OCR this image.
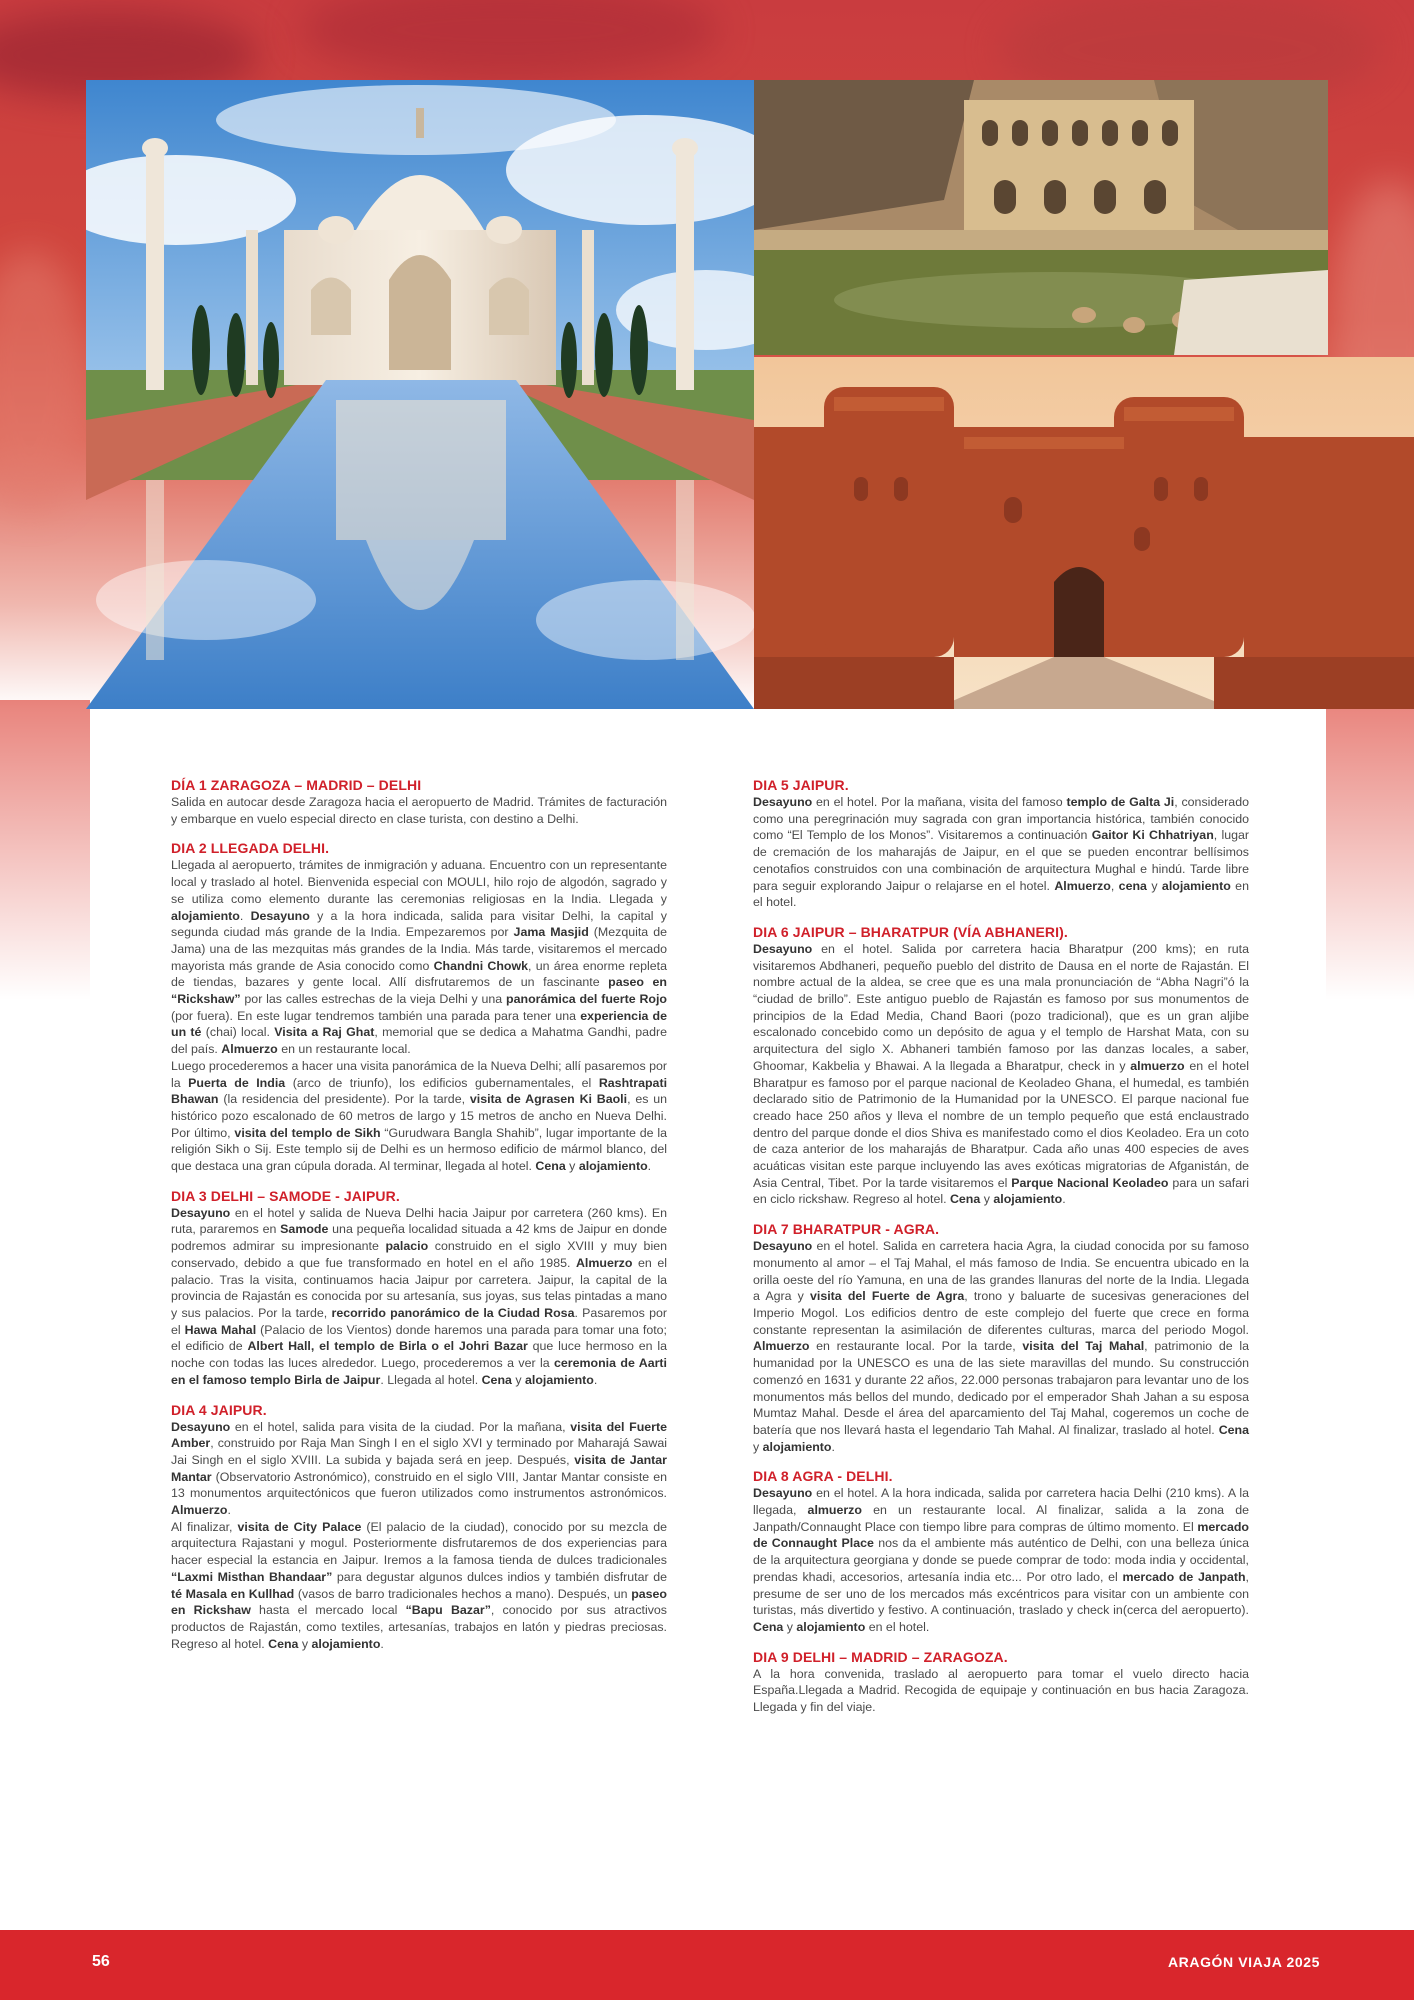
DÍA 1 ZARAGOZA – MADRID – DELHI

Salida en autocar desde Zaragoza hacia el aeropuerto de Madrid. Trámites de facturación y embarque en vuelo especial directo en clase turista, con destino a Delhi.

DIA 2 LLEGADA DELHI.

Llegada al aeropuerto, trámites de inmigración y aduana. Encuentro con un representante local y traslado al hotel. Bienvenida especial con MOULI, hilo rojo de algodón, sagrado y se utiliza como elemento durante las ceremonias religiosas en la India. Llegada y alojamiento. Desayuno y a la hora indicada, salida para visitar Delhi, la capital y segunda ciudad más grande de la India. Empezaremos por Jama Masjid (Mezquita de Jama) una de las mezquitas más grandes de la India. Más tarde, visitaremos el mercado mayorista más grande de Asia conocido como Chandni Chowk, un área enorme repleta de tiendas, bazares y gente local. Allí disfrutaremos de un fascinante paseo en “Rickshaw” por las calles estrechas de la vieja Delhi y una panorámica del fuerte Rojo (por fuera). En este lugar tendremos también una parada para tener una experiencia de un té (chai) local. Visita a Raj Ghat, memorial que se dedica a Mahatma Gandhi, padre del país. Almuerzo en un restaurante local.
Luego procederemos a hacer una visita panorámica de la Nueva Delhi; allí pasaremos por la Puerta de India (arco de triunfo), los edificios gubernamentales, el Rashtrapati Bhawan (la residencia del presidente). Por la tarde, visita de Agrasen Ki Baoli, es un histórico pozo escalonado de 60 metros de largo y 15 metros de ancho en Nueva Delhi. Por último, visita del templo de Sikh “Gurudwara Bangla Shahib”, lugar importante de la religión Sikh o Sij. Este templo sij de Delhi es un hermoso edificio de mármol blanco, del que destaca una gran cúpula dorada. Al terminar, llegada al hotel. Cena y alojamiento.

DIA 3 DELHI – SAMODE - JAIPUR.

Desayuno en el hotel y salida de Nueva Delhi hacia Jaipur por carretera (260 kms). En ruta, pararemos en Samode una pequeña localidad situada a 42 kms de Jaipur en donde podremos admirar su impresionante palacio construido en el siglo XVIII y muy bien conservado, debido a que fue transformado en hotel en el año 1985. Almuerzo en el palacio. Tras la visita, continuamos hacia Jaipur por carretera. Jaipur, la capital de la provincia de Rajastán es conocida por su artesanía, sus joyas, sus telas pintadas a mano y sus palacios. Por la tarde, recorrido panorámico de la Ciudad Rosa. Pasaremos por el Hawa Mahal (Palacio de los Vientos) donde haremos una parada para tomar una foto; el edificio de Albert Hall, el templo de Birla o el Johri Bazar que luce hermoso en la noche con todas las luces alrededor. Luego, procederemos a ver la ceremonia de Aarti en el famoso templo Birla de Jaipur. Llegada al hotel. Cena y alojamiento.

DIA 4 JAIPUR.

Desayuno en el hotel, salida para visita de la ciudad. Por la mañana, visita del Fuerte Amber, construido por Raja Man Singh I en el siglo XVI y terminado por Maharajá Sawai Jai Singh en el siglo XVIII. La subida y bajada será en jeep. Después, visita de Jantar Mantar (Observatorio Astronómico), construido en el siglo VIII, Jantar Mantar consiste en 13 monumentos arquitectónicos que fueron utilizados como instrumentos astronómicos. Almuerzo.
Al finalizar, visita de City Palace (El palacio de la ciudad), conocido por su mezcla de arquitectura Rajastani y mogul. Posteriormente disfrutaremos de dos experiencias para hacer especial la estancia en Jaipur. Iremos a la famosa tienda de dulces tradicionales “Laxmi Misthan Bhandaar” para degustar algunos dulces indios y también disfrutar de té Masala en Kullhad (vasos de barro tradicionales hechos a mano). Después, un paseo en Rickshaw hasta el mercado local “Bapu Bazar”, conocido por sus atractivos productos de Rajastán, como textiles, artesanías, trabajos en latón y piedras preciosas. Regreso al hotel. Cena y alojamiento.

DIA 5 JAIPUR.

Desayuno en el hotel. Por la mañana, visita del famoso templo de Galta Ji, considerado como una peregrinación muy sagrada con gran importancia histórica, también conocido como “El Templo de los Monos”. Visitaremos a continuación Gaitor Ki Chhatriyan, lugar de cremación de los maharajás de Jaipur, en el que se pueden encontrar bellísimos cenotafios construidos con una combinación de arquitectura Mughal e hindú. Tarde libre para seguir explorando Jaipur o relajarse en el hotel. Almuerzo, cena y alojamiento en el hotel.

DIA 6 JAIPUR – BHARATPUR (VÍA ABHANERI).

Desayuno en el hotel. Salida por carretera hacia Bharatpur (200 kms); en ruta visitaremos Abdhaneri, pequeño pueblo del distrito de Dausa en el norte de Rajastán. El nombre actual de la aldea, se cree que es una mala pronunciación de “Abha Nagri”ó la “ciudad de brillo”. Este antiguo pueblo de Rajastán es famoso por sus monumentos de principios de la Edad Media, Chand Baori (pozo tradicional), que es un gran aljibe escalonado concebido como un depósito de agua y el templo de Harshat Mata, con su arquitectura del siglo X. Abhaneri también famoso por las danzas locales, a saber, Ghoomar, Kakbelia y Bhawai. A la llegada a Bharatpur, check in y almuerzo en el hotel Bharatpur es famoso por el parque nacional de Keoladeo Ghana, el humedal, es también declarado sitio de Patrimonio de la Humanidad por la UNESCO. El parque nacional fue creado hace 250 años y lleva el nombre de un templo pequeño que está enclaustrado dentro del parque donde el dios Shiva es manifestado como el dios Keoladeo. Era un coto de caza anterior de los maharajás de Bharatpur. Cada año unas 400 especies de aves acuáticas visitan este parque incluyendo las aves exóticas migratorias de Afganistán, de Asia Central, Tibet. Por la tarde visitaremos el Parque Nacional Keoladeo para un safari en ciclo rickshaw. Regreso al hotel. Cena y alojamiento.

DIA 7 BHARATPUR - AGRA.

Desayuno en el hotel. Salida en carretera hacia Agra, la ciudad conocida por su famoso monumento al amor – el Taj Mahal, el más famoso de India. Se encuentra ubicado en la orilla oeste del río Yamuna, en una de las grandes llanuras del norte de la India. Llegada a Agra y visita del Fuerte de Agra, trono y baluarte de sucesivas generaciones del Imperio Mogol. Los edificios dentro de este complejo del fuerte que crece en forma constante representan la asimilación de diferentes culturas, marca del periodo Mogol. Almuerzo en restaurante local. Por la tarde, visita del Taj Mahal, patrimonio de la humanidad por la UNESCO es una de las siete maravillas del mundo. Su construcción comenzó en 1631 y durante 22 años, 22.000 personas trabajaron para levantar uno de los monumentos más bellos del mundo, dedicado por el emperador Shah Jahan a su esposa Mumtaz Mahal. Desde el área del aparcamiento del Taj Mahal, cogeremos un coche de batería que nos llevará hasta el legendario Tah Mahal. Al finalizar, traslado al hotel. Cena y alojamiento.

DIA 8 AGRA - DELHI.

Desayuno en el hotel. A la hora indicada, salida por carretera hacia Delhi (210 kms). A la llegada, almuerzo en un restaurante local. Al finalizar, salida a la zona de Janpath/Connaught Place con tiempo libre para compras de último momento. El mercado de Connaught Place nos da el ambiente más auténtico de Delhi, con una belleza única de la arquitectura georgiana y donde se puede comprar de todo: moda india y occidental, prendas khadi, accesorios, artesanía india etc... Por otro lado, el mercado de Janpath, presume de ser uno de los mercados más excéntricos para visitar con un ambiente con turistas, más divertido y festivo. A continuación, traslado y check in(cerca del aeropuerto). Cena y alojamiento en el hotel.

DIA 9 DELHI – MADRID – ZARAGOZA.

A la hora convenida, traslado al aeropuerto para tomar el vuelo directo hacia España.Llegada a Madrid. Recogida de equipaje y continuación en bus hacia Zaragoza. Llegada y fin del viaje.

56	ARAGÓN VIAJA 2025
